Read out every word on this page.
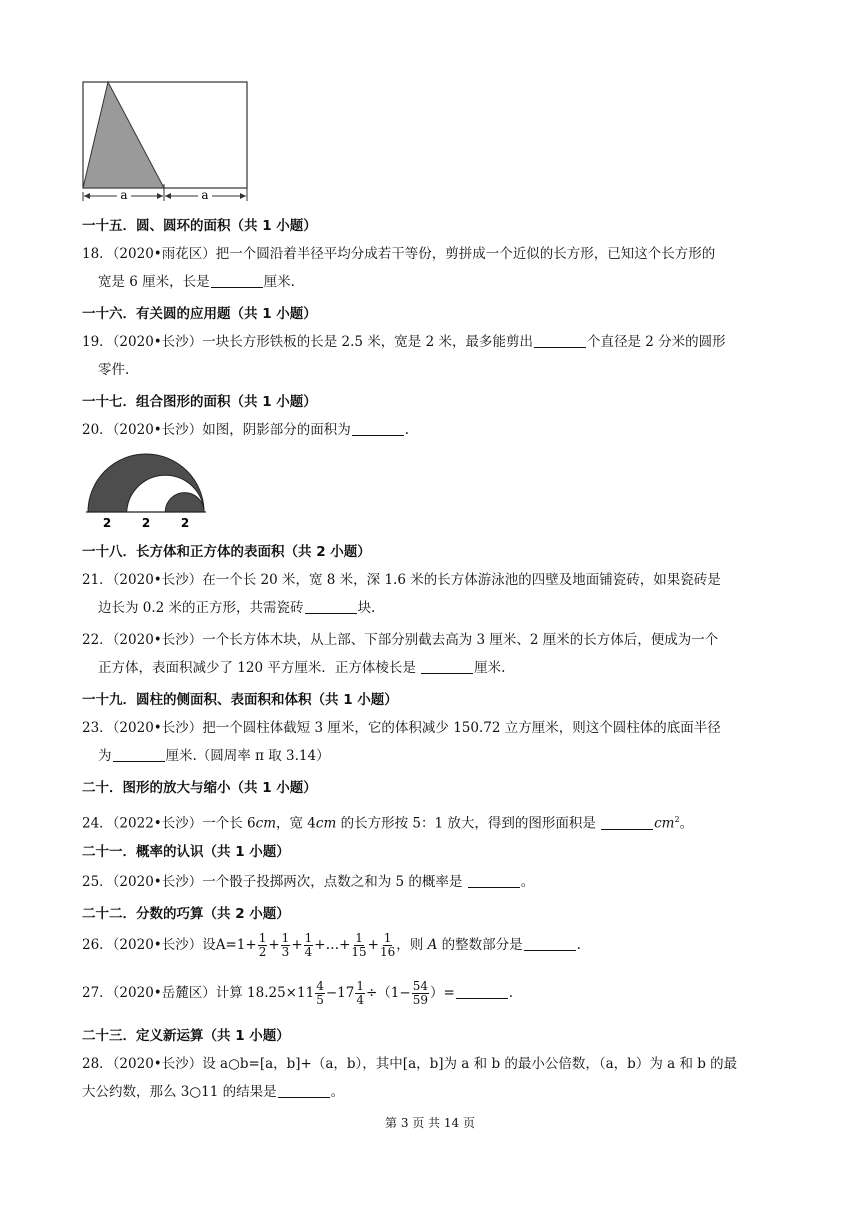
a	a
一十五．圆、圆环的面积（共 1 小题）
18．（2020•雨花区）把一个圆沿着半径平均分成若干等份，剪拼成一个近似的长方形，已知这个长方形的
宽是 6 厘米，长是	厘米.
一十六．有关圆的应用题（共 1 小题）
19．（2020•长沙）一块长方形铁板的长是 2.5 米，宽是 2 米，最多能剪出	个直径是 2 分米的圆形
零件.
一十七．组合图形的面积（共 1 小题）
20．（2020•长沙）如图，阴影部分的面积为	.
2	2	2
一十八．长方体和正方体的表面积（共 2 小题）
21．（2020•长沙）在一个长 20 米，宽 8 米，深 1.6 米的长方体游泳池的四壁及地面铺瓷砖，如果瓷砖是
边长为 0.2 米的正方形，共需瓷砖	块.
22．（2020•长沙）一个长方体木块，从上部、下部分别截去高为 3 厘米、2 厘米的长方体后，便成为一个
正方体，表面积减少了 120 平方厘米．正方体棱长是	厘米.
一十九．圆柱的侧面积、表面积和体积（共 1 小题）
23．（2020•长沙）把一个圆柱体截短 3 厘米，它的体积减少 150.72 立方厘米，则这个圆柱体的底面半径
为	厘米.（圆周率 π 取 3.14）
二十．图形的放大与缩小（共 1 小题）
24．（2022•长沙）一个长 6cm，宽 4cm 的长方形按 5：1 放大，得到的图形面积是	$cm^2$。
二十一．概率的认识（共 1 小题）
25．（2020•长沙）一个骰子投掷两次，点数之和为 5 的概率是	。
二十二．分数的巧算（共 2 小题）
26．（2020•长沙）设$A=1+ \frac{1}{2} + \frac{1}{3} + \frac{1}{4}$ +…+ $\frac{1}{15} + \frac{1}{16}$ ，则 A 的整数部分是	.
27．（2020•岳麓区）计算 $18.25\times 11 \frac{4}{5} -17 \frac{1}{4} \div(1- \frac{54}{59}$ ）=	.
二十三．定义新运算（共 1 小题）
28．（2020•长沙）设 a○b=[a，b]+（a，b），其中[a，b]为 a 和 b 的最小公倍数，（a，b）为 a 和 b 的最
大公约数，那么 3○11 的结果是	。
第 3 页 共 14 页
